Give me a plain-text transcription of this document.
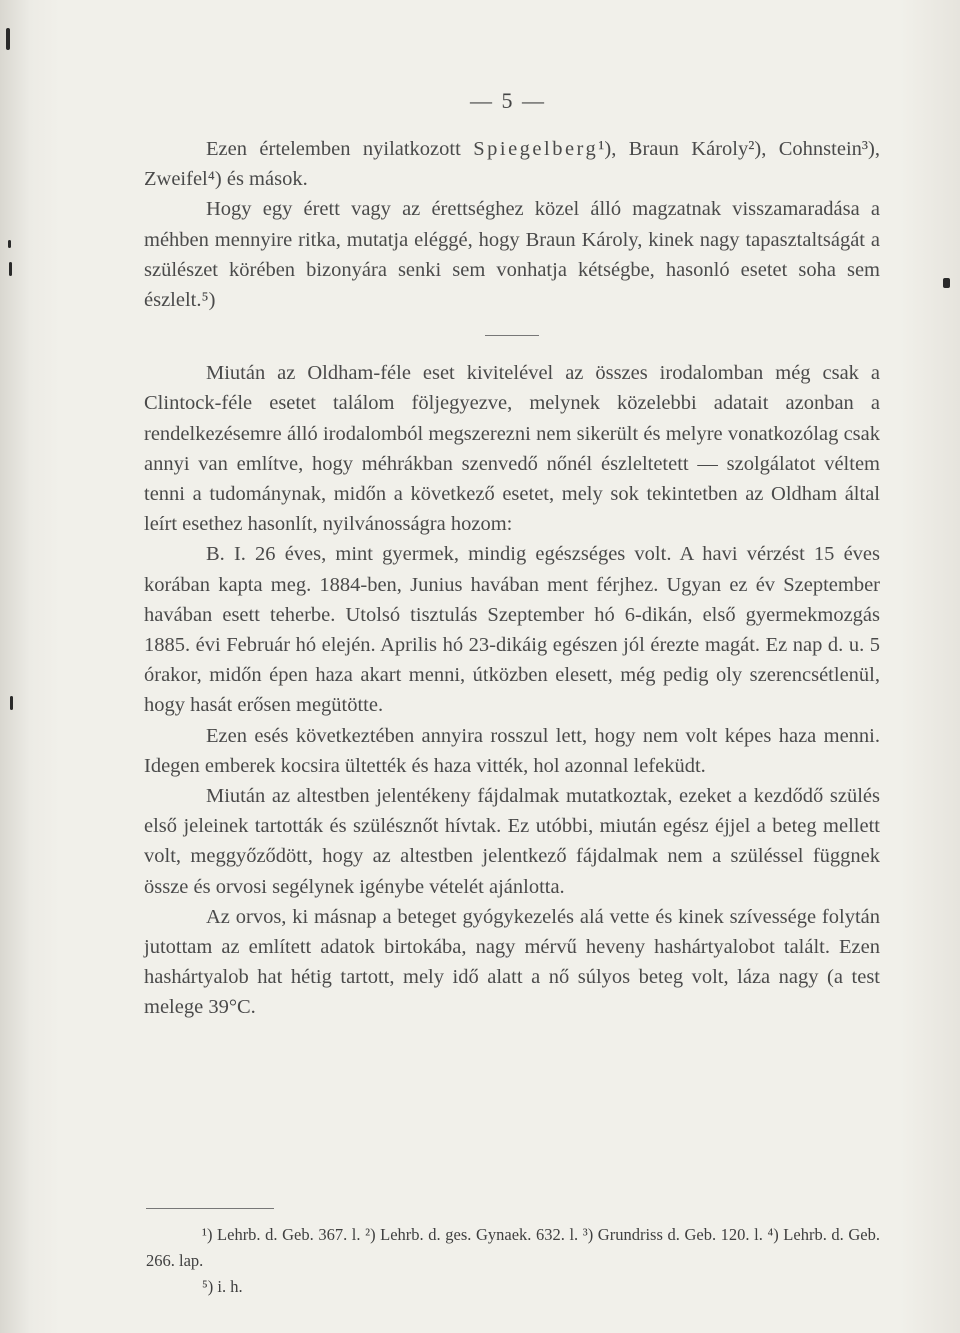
— 5 —

Ezen értelemben nyilatkozott Spiegelberg¹), Braun Károly²), Cohnstein³), Zweifel⁴) és mások.

Hogy egy érett vagy az érettséghez közel álló magzatnak visszamaradása a méhben mennyire ritka, mutatja eléggé, hogy Braun Károly, kinek nagy tapasztaltságát a szülészet körében bizonyára senki sem vonhatja kétségbe, hasonló esetet soha sem észlelt.⁵)

Miután az Oldham-féle eset kivitelével az összes irodalomban még csak a Clintock-féle esetet találom följegyezve, melynek közelebbi adatait azonban a rendelkezésemre álló irodalomból megszerezni nem sikerült és melyre vonatkozólag csak annyi van említve, hogy méhrákban szenvedő nőnél észleltetett — szolgálatot véltem tenni a tudománynak, midőn a következő esetet, mely sok tekintetben az Oldham által leírt esethez hasonlít, nyilvánosságra hozom:

B. I. 26 éves, mint gyermek, mindig egészséges volt. A havi vérzést 15 éves korában kapta meg. 1884-ben, Junius havában ment férjhez. Ugyan ez év Szeptember havában esett teherbe. Utolsó tisztulás Szeptember hó 6-dikán, első gyermekmozgás 1885. évi Február hó elején. Aprilis hó 23-dikáig egészen jól érezte magát. Ez nap d. u. 5 órakor, midőn épen haza akart menni, útközben elesett, még pedig oly szerencsétlenül, hogy hasát erősen megütötte.

Ezen esés következtében annyira rosszul lett, hogy nem volt képes haza menni. Idegen emberek kocsira ültették és haza vitték, hol azonnal lefeküdt.

Miután az altestben jelentékeny fájdalmak mutatkoztak, ezeket a kezdődő szülés első jeleinek tartották és szülésznőt hívtak. Ez utóbbi, miután egész éjjel a beteg mellett volt, meggyőződött, hogy az altestben jelentkező fájdalmak nem a szüléssel függnek össze és orvosi segélynek igénybe vételét ajánlotta.

Az orvos, ki másnap a beteget gyógykezelés alá vette és kinek szívessége folytán jutottam az említett adatok birtokába, nagy mérvű heveny hashártyalobot talált. Ezen hashártyalob hat hétig tartott, mely idő alatt a nő súlyos beteg volt, láza nagy (a test melege 39°C.

¹) Lehrb. d. Geb. 367. l. ²) Lehrb. d. ges. Gynaek. 632. l. ³) Grundriss d. Geb. 120. l. ⁴) Lehrb. d. Geb. 266. lap.

⁵) i. h.
